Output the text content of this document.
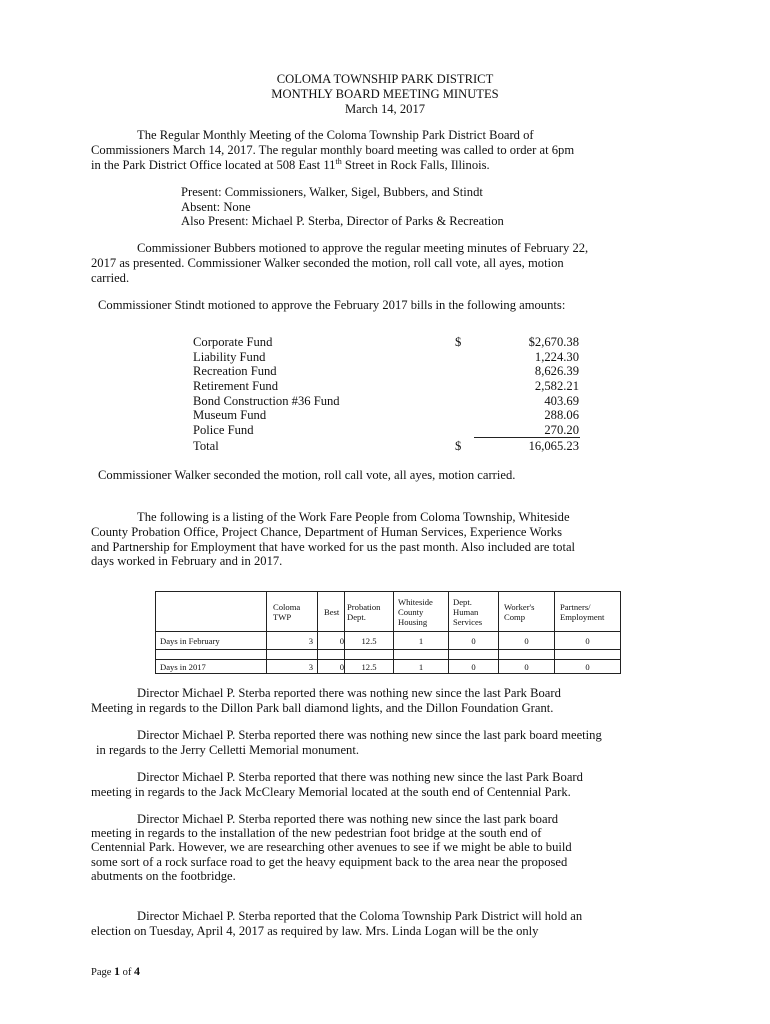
COLOMA TOWNSHIP PARK DISTRICT
MONTHLY BOARD MEETING MINUTES
March 14, 2017
The Regular Monthly Meeting of the Coloma Township Park District Board of
Commissioners March 14, 2017. The regular monthly board meeting was called to order at 6pm
in the Park District Office located at 508 East 11th Street in Rock Falls, Illinois.
Present: Commissioners, Walker, Sigel, Bubbers, and Stindt
Absent: None
Also Present: Michael P. Sterba, Director of Parks & Recreation
Commissioner Bubbers motioned to approve the regular meeting minutes of February 22,
2017 as presented. Commissioner Walker seconded the motion, roll call vote, all ayes, motion
carried.
Commissioner Stindt motioned to approve the February 2017 bills in the following amounts:
Corporate Fund	$	$2,670.38
Liability Fund	1,224.30
Recreation Fund	8,626.39
Retirement Fund	2,582.21
Bond Construction #36 Fund	403.69
Museum Fund	288.06
Police Fund	270.20
Total	$	16,065.23
Commissioner Walker seconded the motion, roll call vote, all ayes, motion carried.
The following is a listing of the Work Fare People from Coloma Township, Whiteside
County Probation Office, Project Chance, Department of Human Services, Experience Works
and Partnership for Employment that have worked for us the past month. Also included are total
days worked in February and in 2017.
	Coloma TWP	Best	Probation Dept.	Whiteside County Housing	Dept. Human Services	Worker's Comp	Partners/ Employment
Days in February	3	0	12.5	1	0	0	0

Days in 2017	3	0	12.5	1	0	0	0
Director Michael P. Sterba reported there was nothing new since the last Park Board
Meeting in regards to the Dillon Park ball diamond lights, and the Dillon Foundation Grant.
Director Michael P. Sterba reported there was nothing new since the last park board meeting
in regards to the Jerry Celletti Memorial monument.
Director Michael P. Sterba reported that there was nothing new since the last Park Board
meeting in regards to the Jack McCleary Memorial located at the south end of Centennial Park.
Director Michael P. Sterba reported there was nothing new since the last park board
meeting in regards to the installation of the new pedestrian foot bridge at the south end of
Centennial Park. However, we are researching other avenues to see if we might be able to build
some sort of a rock surface road to get the heavy equipment back to the area near the proposed
abutments on the footbridge.
Director Michael P. Sterba reported that the Coloma Township Park District will hold an
election on Tuesday, April 4, 2017 as required by law. Mrs. Linda Logan will be the only
Page 1 of 4
